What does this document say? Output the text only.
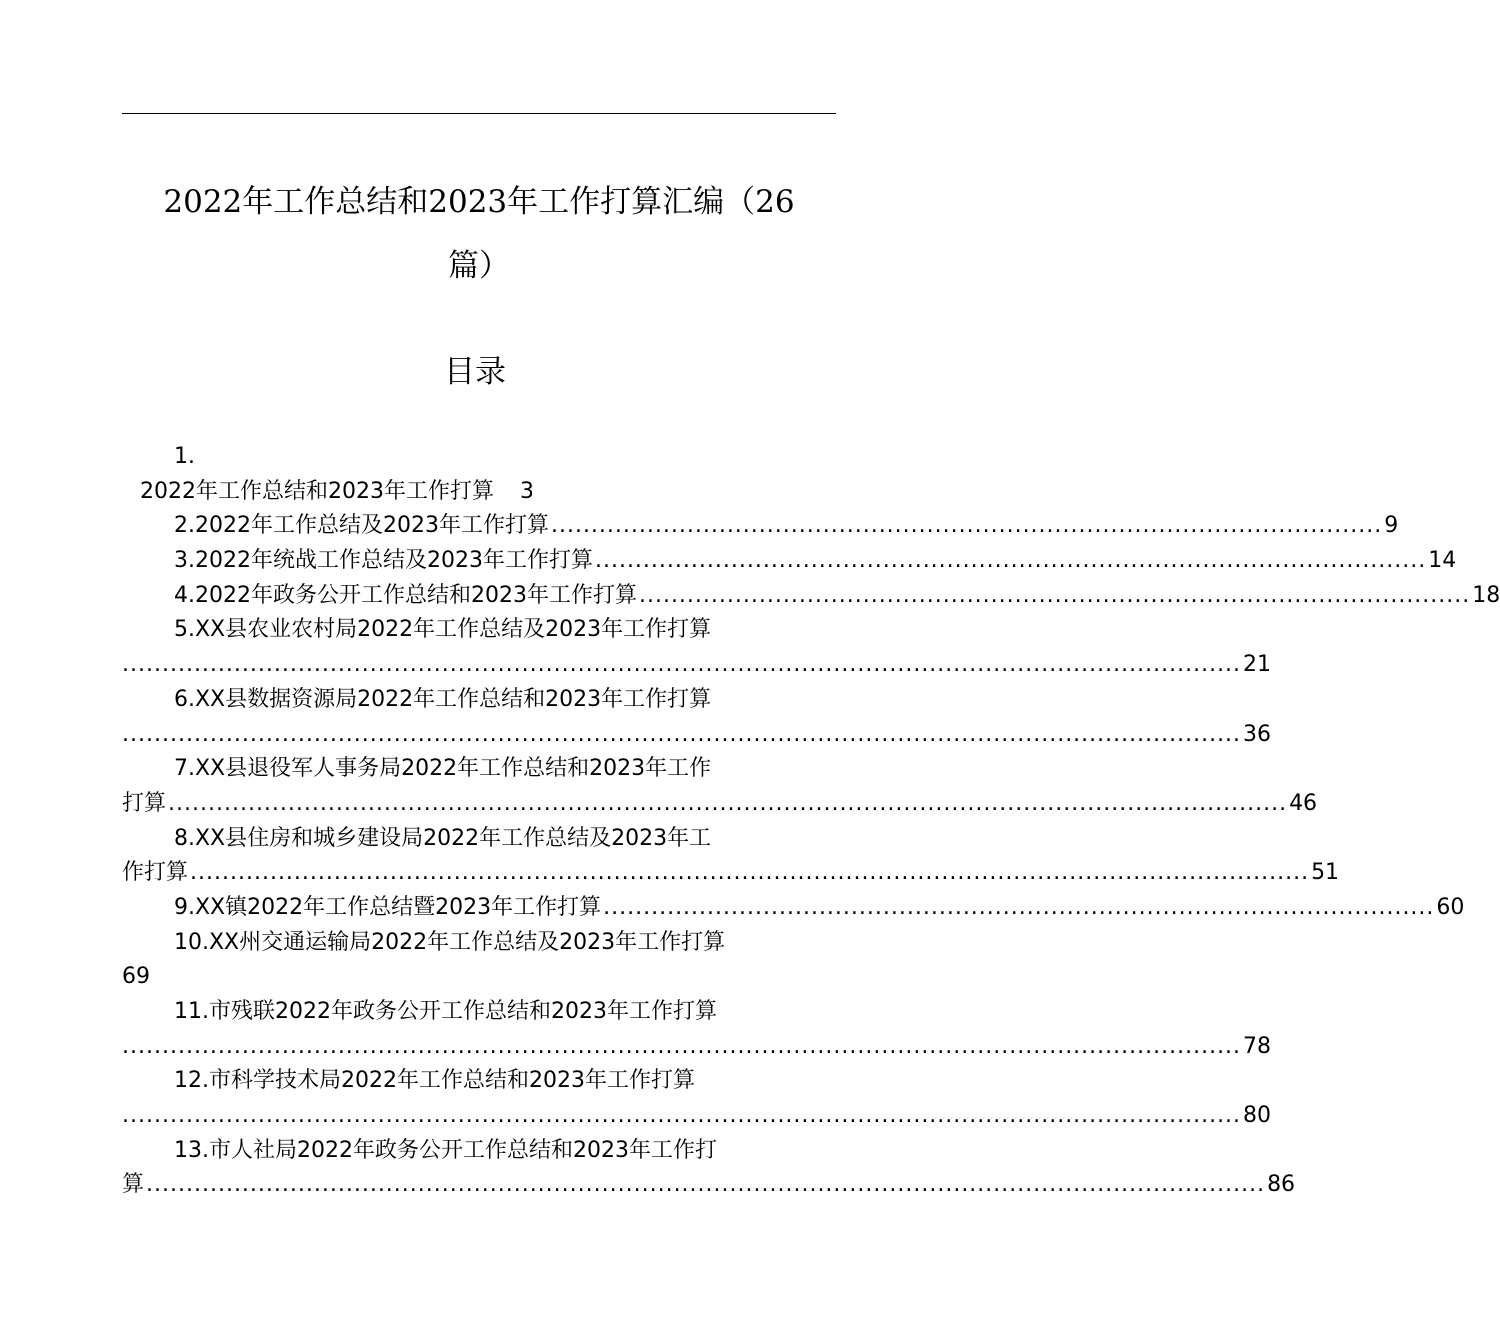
2022年工作总结和2023年工作打算汇编（26
篇）
目录
1.
2022年工作总结和2023年工作打算	3
2.2022年工作总结及2023年工作打算 ........................................................................................................ 9
3.2022年统战工作总结及2023年工作打算 ........................................................................................................ 14
4.2022年政务公开工作总结和2023年工作打算 ........................................................................................................ 18
5.XX县农业农村局2022年工作总结及2023年工作打算
............................................................................................................................................ 21
6.XX县数据资源局2022年工作总结和2023年工作打算
............................................................................................................................................ 36
7.XX县退役军人事务局2022年工作总结和2023年工作
打算 ............................................................................................................................................ 46
8.XX县住房和城乡建设局2022年工作总结及2023年工
作打算 ............................................................................................................................................ 51
9.XX镇2022年工作总结暨2023年工作打算 ........................................................................................................ 60
10.XX州交通运输局2022年工作总结及2023年工作打算
69
11.市残联2022年政务公开工作总结和2023年工作打算
............................................................................................................................................ 78
12.市科学技术局2022年工作总结和2023年工作打算
............................................................................................................................................ 80
13.市人社局2022年政务公开工作总结和2023年工作打
算 ............................................................................................................................................ 86
